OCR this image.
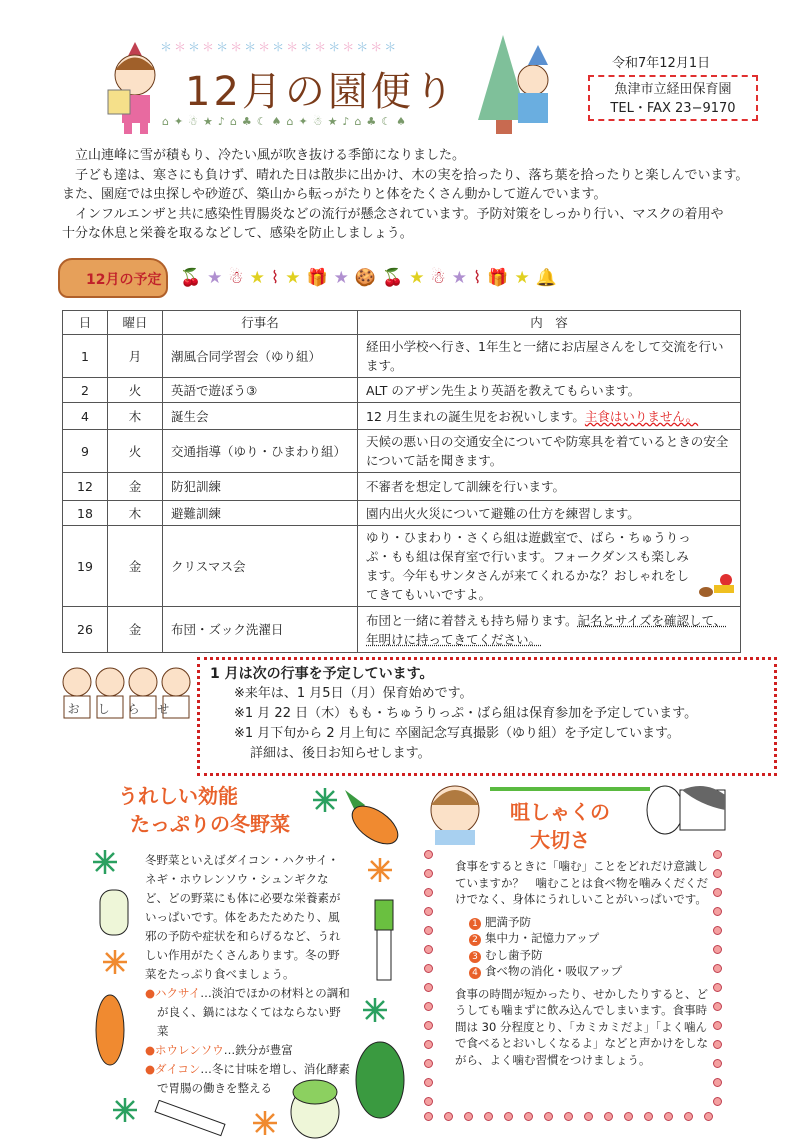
＊＊＊＊＊＊＊＊＊＊＊＊＊＊＊＊＊
12月の園便り
⌂✦☃★♪⌂♣☾♠⌂✦☃★♪⌂♣☾♠
令和7年12月1日
魚津市立経田保育園
TEL・FAX 23−9170

立山連峰に雪が積もり、冷たい風が吹き抜ける季節になりました。

子ども達は、寒さにも負けず、晴れた日は散歩に出かけ、木の実を拾ったり、落ち葉を拾ったりと楽しんでいます。

また、園庭では虫探しや砂遊び、築山から転っがたりと体をたくさん動かして遊んでいます。

インフルエンザと共に感染性胃腸炎などの流行が懸念されています。予防対策をしっかり行い、マスクの着用や

十分な休息と栄養を取るなどして、感染を防止しましょう。

12月の予定 🍒★☃★⌇★🎁★🍪🍒★☃★⌇🎁★🔔
おしらせ
日	曜日	行事名	内　容
1	月	潮風合同学習会（ゆり組）	経田小学校へ行き、1年生と一緒にお店屋さんをして交流を行います。
2	火	英語で遊ぼう③	ALT のアザン先生より英語を教えてもらいます。
4	木	誕生会	12 月生まれの誕生児をお祝いします。主食はいりません。
9	火	交通指導（ゆり・ひまわり組）	天候の悪い日の交通安全についてや防寒具を着ているときの安全について話を聞きます。
12	金	防犯訓練	不審者を想定して訓練を行います。
18	木	避難訓練	園内出火火災について避難の仕方を練習します。
19	金	クリスマス会	ゆり・ひまわり・さくら組は遊戯室で、ばら・ちゅうりっぷ・もも組は保育室で行います。フォークダンスも楽しみます。今年もサンタさんが来てくれるかな？おしゃれをしてきてもいいですよ。

26	金	布団・ズック洗濯日	布団と一緒に着替えも持ち帰ります。記名とサイズを確認して、年明けに持ってきてください。
1 月は次の行事を予定しています。
※来年は、1 月5日（月）保育始めです。
※1 月 22 日（木）もも・ちゅうりっぷ・ばら組は保育参加を予定しています。
※1 月下旬から 2 月上旬に 卒園記念写真撮影（ゆり組）を予定しています。
詳細は、後日お知らせします。
うれしい効能
たっぷりの冬野菜
冬野菜といえばダイコン・ハクサイ・ネギ・ホウレンソウ・シュンギクなど、どの野菜にも体に必要な栄養素がいっぱいです。体をあたためたり、風邪の予防や症状を和らげるなど、うれしい作用がたくさんあります。冬の野菜をたっぷり食べましょう。
●ハクサイ…淡泊でほかの材料との調和が良く、鍋にはなくてはならない野菜
●ホウレンソウ…鉄分が豊富
●ダイコン…冬に甘味を増し、消化酵素で胃腸の働きを整える
咀しゃくの
大切さ
食事をするときに「噛む」ことをどれだけ意識していますか？　噛むことは食べ物を噛みくだくだけでなく、身体にうれしいことがいっぱいです。
1 肥満予防
2 集中力・記憶力アップ
3 むし歯予防
4 食べ物の消化・吸収アップ
食事の時間が短かったり、せかしたりすると、どうしても噛まずに飲み込んでしまいます。食事時間は 30 分程度とり、「カミカミだよ」「よく噛んで食べるとおいしくなるよ」などと声かけをしながら、よく噛む習慣をつけましょう。
